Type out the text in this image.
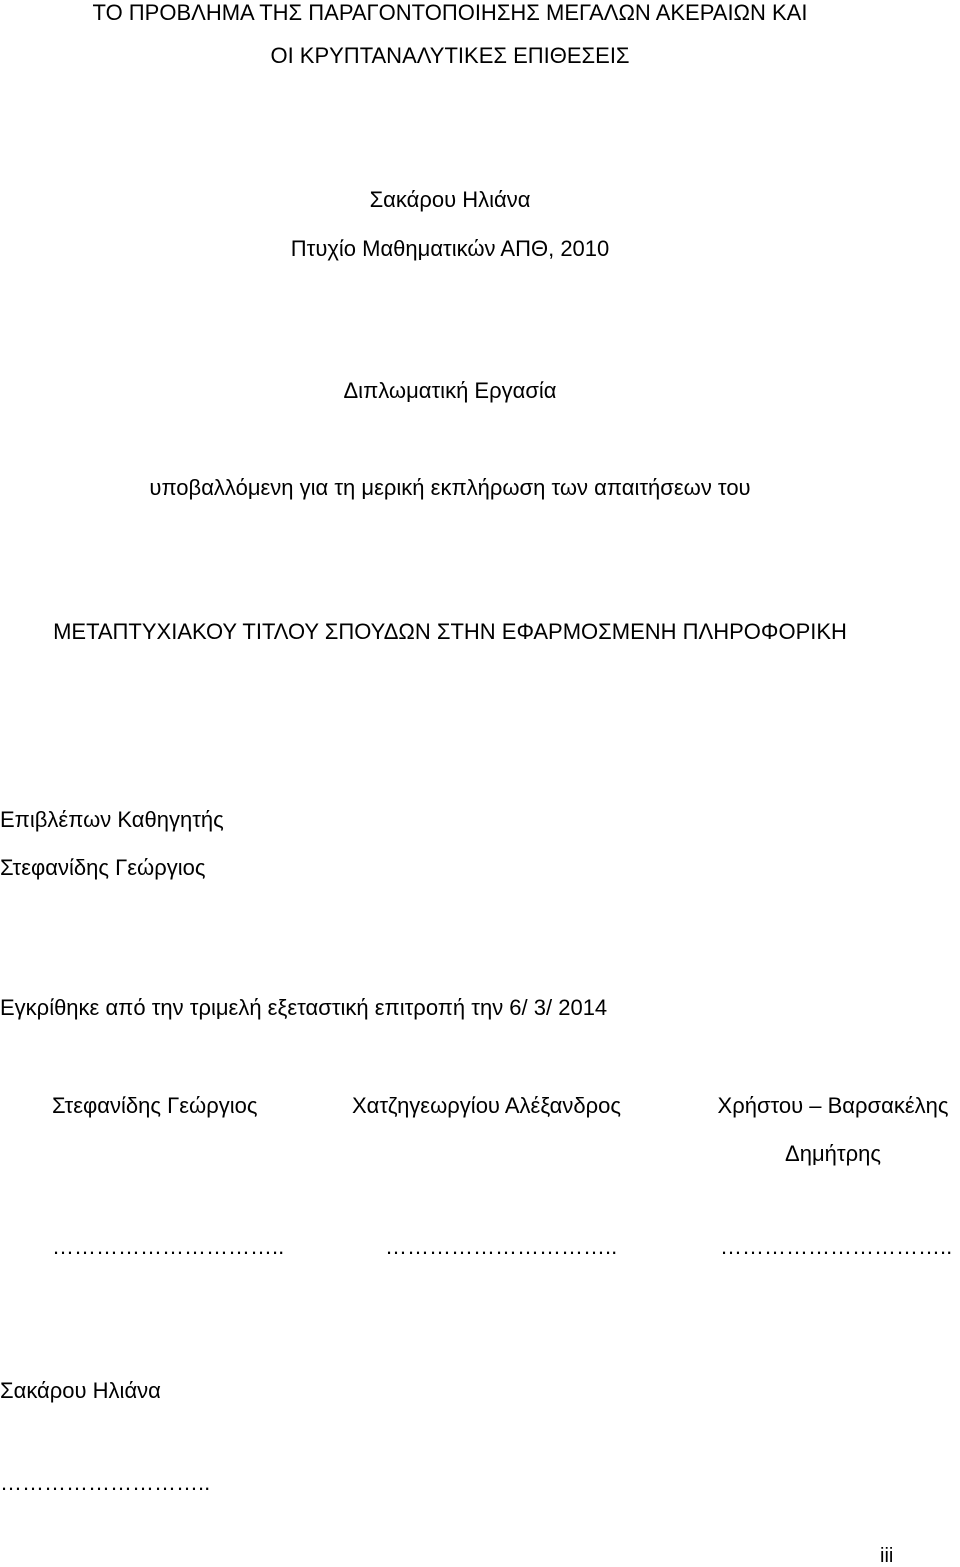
ΤΟ ΠΡΟΒΛΗΜΑ ΤΗΣ ΠΑΡΑΓΟΝΤΟΠΟΙΗΣΗΣ ΜΕΓΑΛΩΝ ΑΚΕΡΑΙΩΝ ΚΑΙ
ΟΙ ΚΡΥΠΤΑΝΑΛΥΤΙΚΕΣ ΕΠΙΘΕΣΕΙΣ
Σακάρου Ηλιάνα
Πτυχίο Μαθηματικών ΑΠΘ, 2010
Διπλωματική Εργασία
υποβαλλόμενη για τη μερική εκπλήρωση των απαιτήσεων του
ΜΕΤΑΠΤΥΧΙΑΚΟΥ ΤΙΤΛΟΥ ΣΠΟΥΔΩΝ ΣΤΗΝ ΕΦΑΡΜΟΣΜΕΝΗ ΠΛΗΡΟΦΟΡΙΚΗ
Επιβλέπων Καθηγητής
Στεφανίδης Γεώργιος
Εγκρίθηκε από την τριμελή εξεταστική επιτροπή την 6/ 3/ 2014
Στεφανίδης Γεώργιος	Χατζηγεωργίου Αλέξανδρος	Χρήστου – Βαρσακέλης
Δημήτρης
…………………………..	…………………………..	…………………………..
Σακάρου Ηλιάνα
………………………..
iii
